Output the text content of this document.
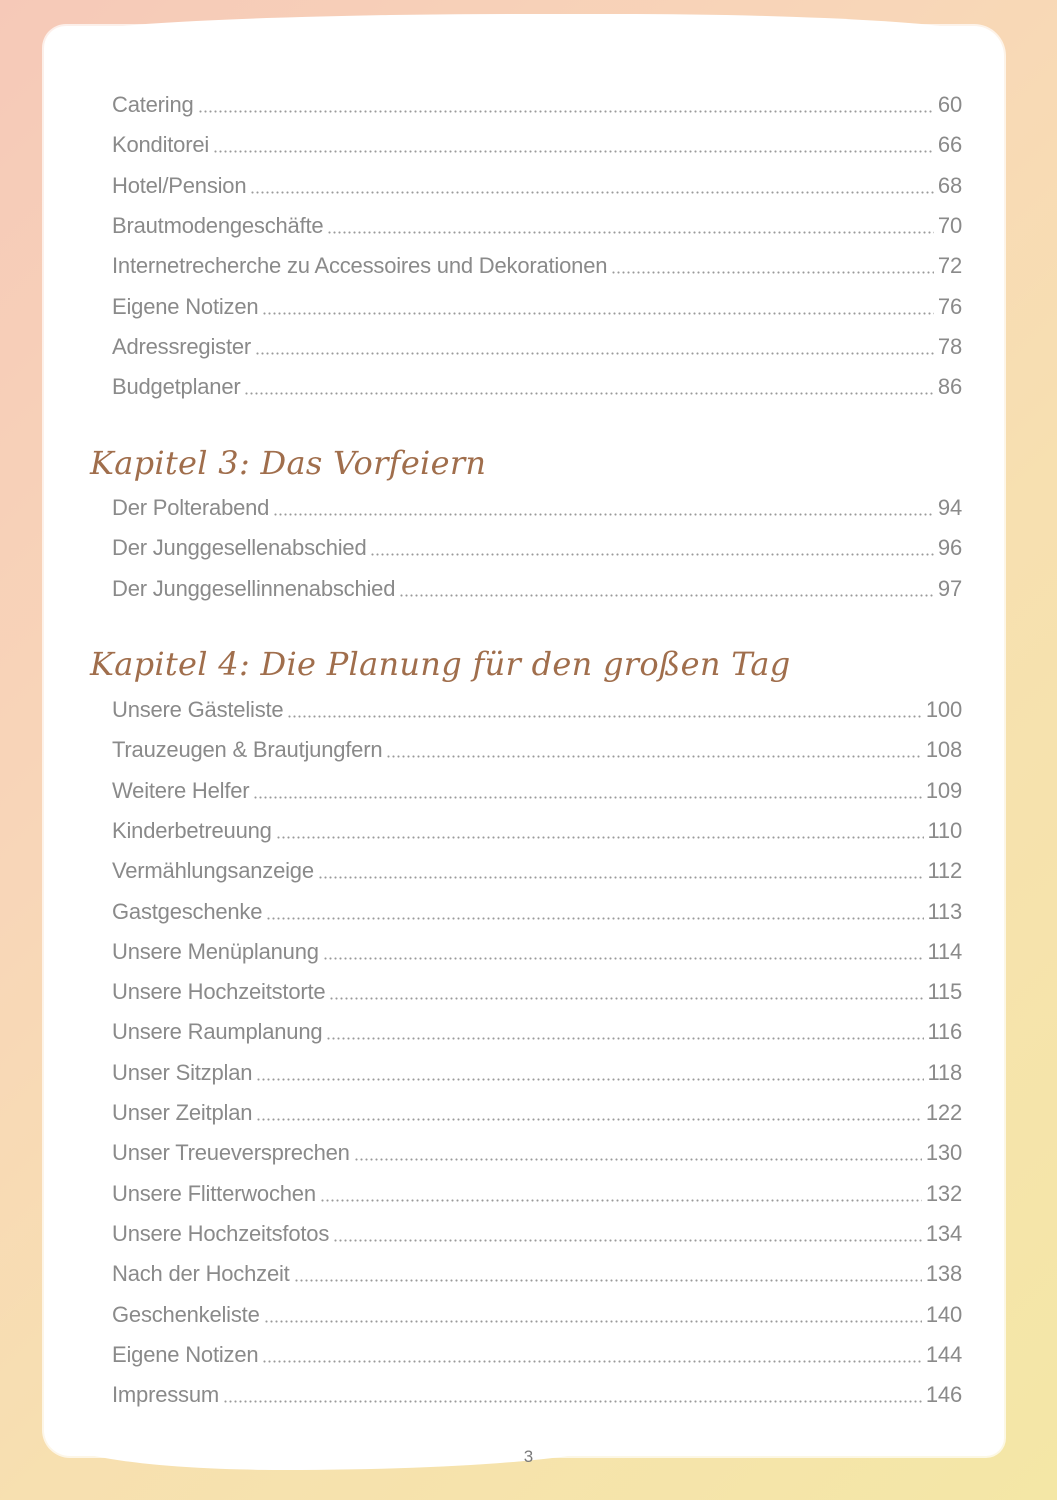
Catering	60
Konditorei	66
Hotel/Pension	68
Brautmodengeschäfte	70
Internetrecherche zu Accessoires und Dekorationen	72
Eigene Notizen	76
Adressregister	78
Budgetplaner	86
Kapitel 3: Das Vorfeiern
Der Polterabend	94
Der Junggesellenabschied	96
Der Junggesellinnenabschied	97
Kapitel 4: Die Planung für den großen Tag
Unsere Gästeliste	100
Trauzeugen & Brautjungfern	108
Weitere Helfer	109
Kinderbetreuung	110
Vermählungsanzeige	112
Gastgeschenke	113
Unsere Menüplanung	114
Unsere Hochzeitstorte	115
Unsere Raumplanung	116
Unser Sitzplan	118
Unser Zeitplan	122
Unser Treueversprechen	130
Unsere Flitterwochen	132
Unsere Hochzeitsfotos	134
Nach der Hochzeit	138
Geschenkeliste	140
Eigene Notizen	144
Impressum	146
3
